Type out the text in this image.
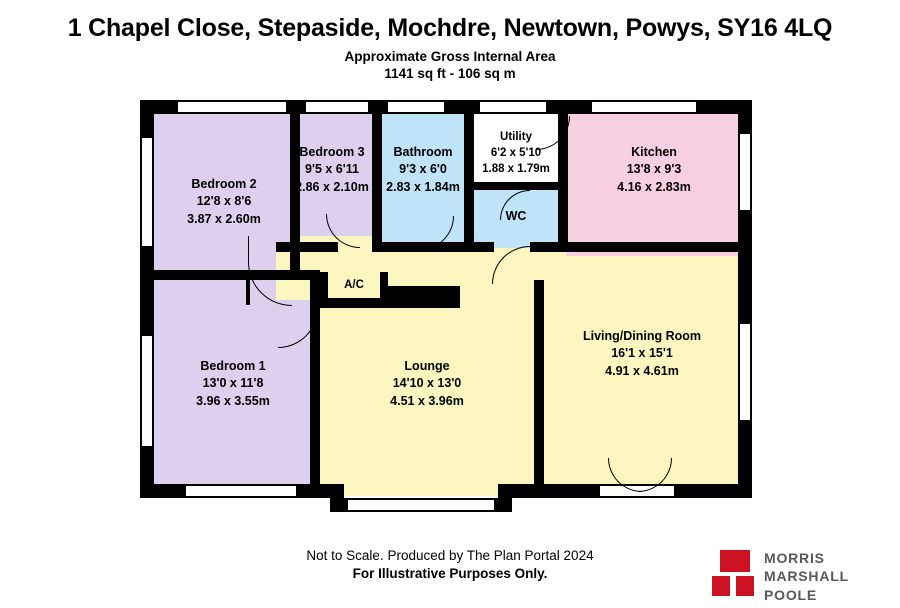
1 Chapel Close, Stepaside, Mochdre, Newtown, Powys, SY16 4LQ
Approximate Gross Internal Area
1141 sq ft - 106 sq m
Bedroom 2
12'8 x 8'6
3.87 x 2.60m
Bedroom 3
9'5 x 6'11
2.86 x 2.10m
Bathroom
9'3 x 6'0
2.83 x 1.84m
Utility
6'2 x 5'10
1.88 x 1.79m
WC
Kitchen
13'8 x 9'3
4.16 x 2.83m
A/C
Bedroom 1
13'0 x 11'8
3.96 x 3.55m
Lounge
14'10 x 13'0
4.51 x 3.96m
Living/Dining Room
16'1 x 15'1
4.91 x 4.61m
Not to Scale. Produced by The Plan Portal 2024
For Illustrative Purposes Only.
MORRIS
MARSHALL
POOLE
